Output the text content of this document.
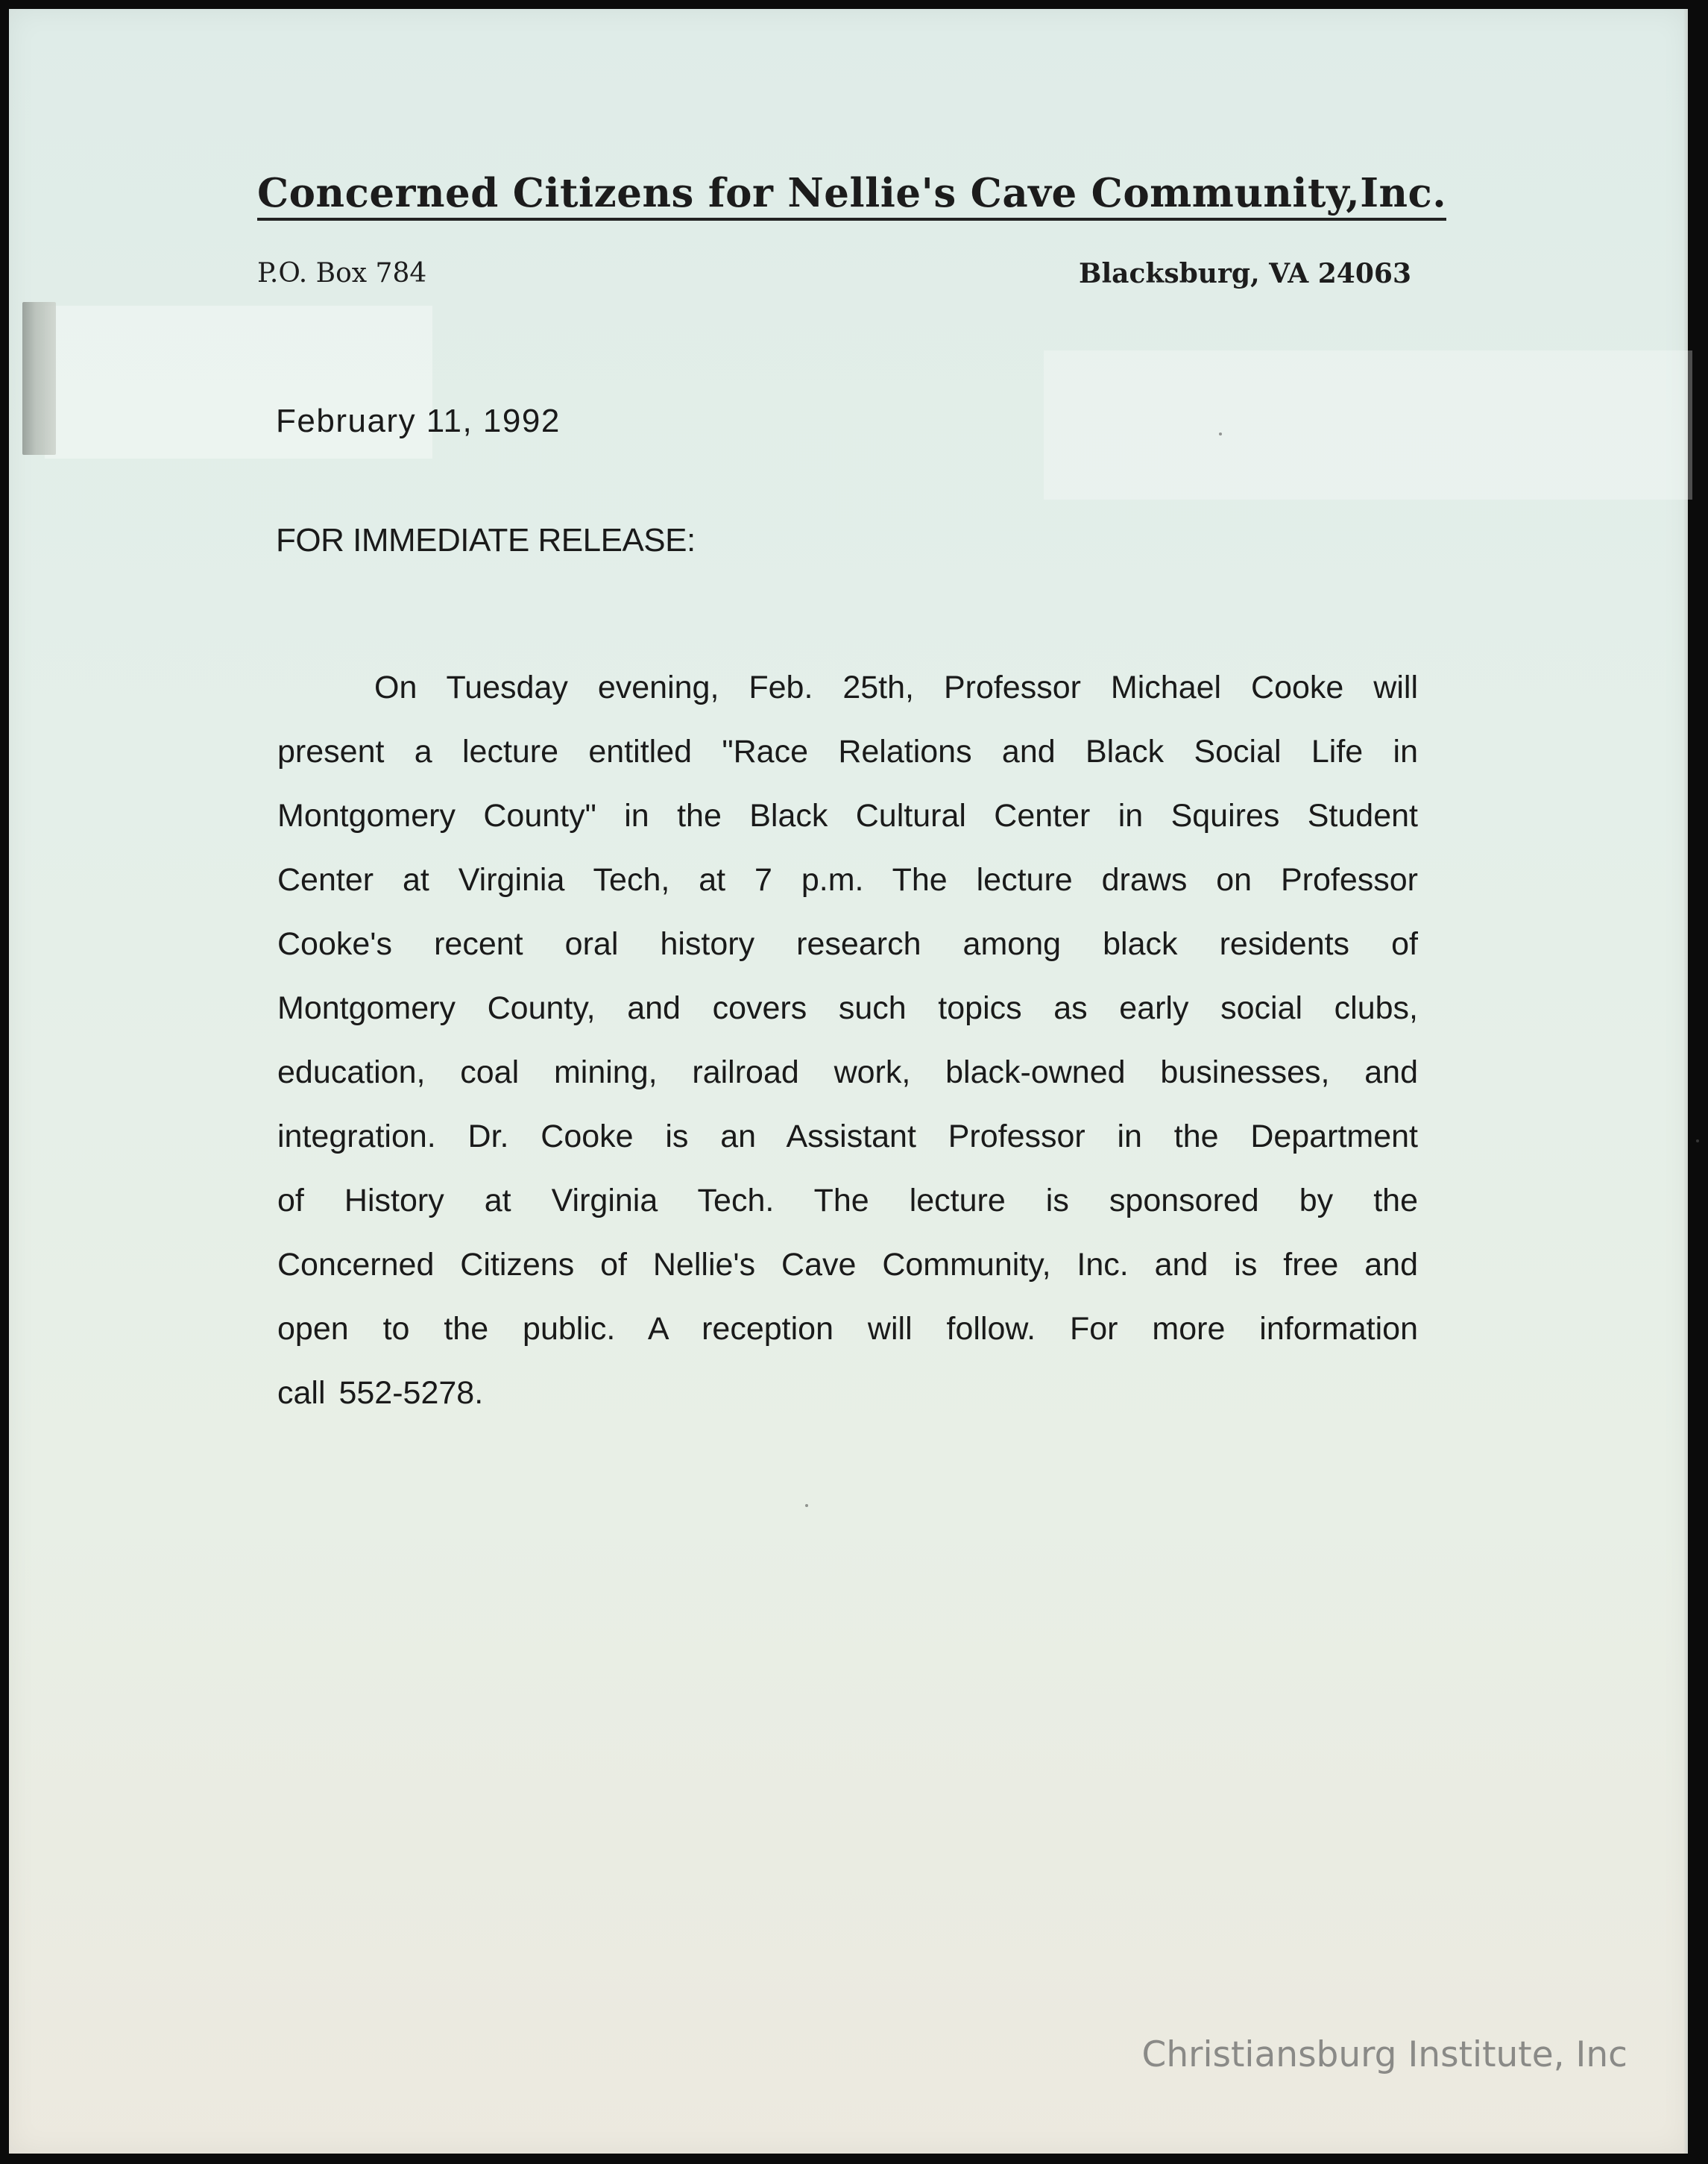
Concerned Citizens for Nellie's Cave Community,Inc.
P.O. Box 784	Blacksburg, VA 24063
February 11, 1992
FOR IMMEDIATE RELEASE:
On Tuesday evening, Feb. 25th, Professor Michael Cooke will
present a lecture entitled "Race Relations and Black Social Life in
Montgomery County" in the Black Cultural Center in Squires Student
Center at Virginia Tech, at 7 p.m. The lecture draws on Professor
Cooke's recent oral history research among black residents of
Montgomery County, and covers such topics as early social clubs,
education, coal mining, railroad work, black-owned businesses, and
integration. Dr. Cooke is an Assistant Professor in the Department
of History at Virginia Tech. The lecture is sponsored by the
Concerned Citizens of Nellie's Cave Community, Inc. and is free and
open to the public. A reception will follow. For more information
call 552-5278.
Christiansburg Institute, Inc
